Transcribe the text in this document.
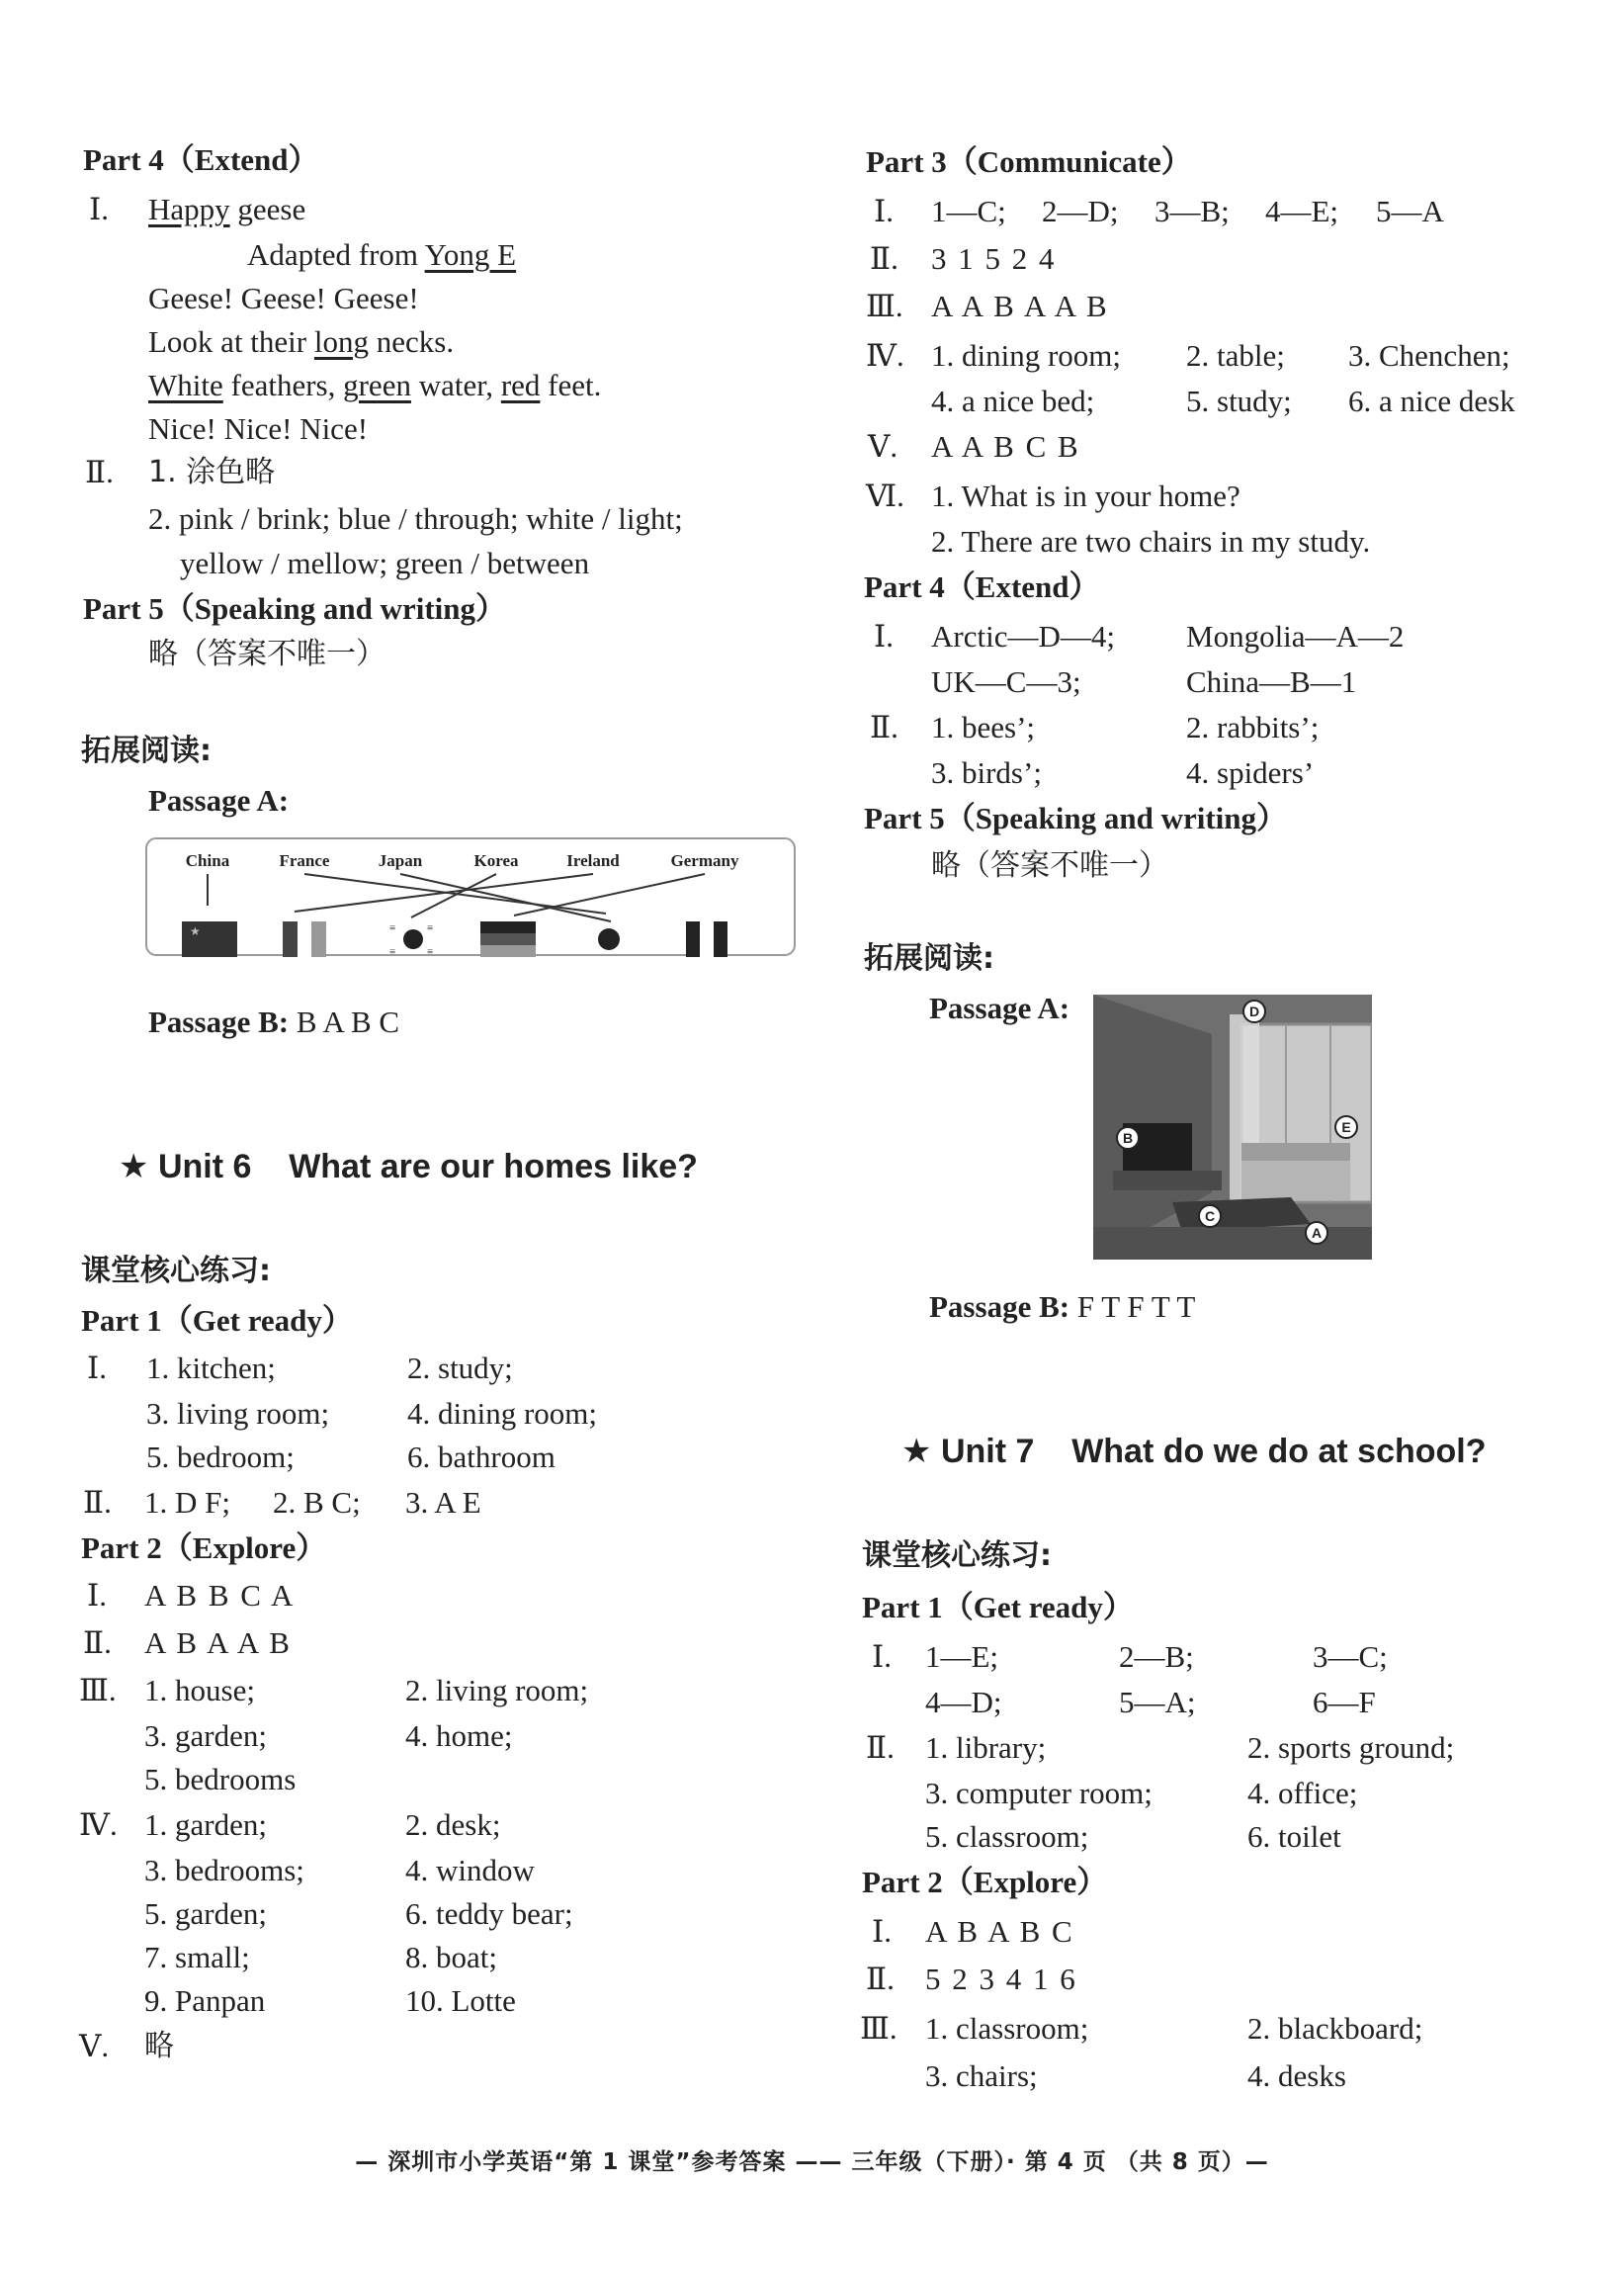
Part 4（Extend）
Ⅰ. Happy geese
Adapted from Yong E
Geese! Geese! Geese!
Look at their long necks.
White feathers, green water, red feet.
Nice! Nice! Nice!
Ⅱ. 1. 涂色略
2. pink / brink; blue / through; white / light;
yellow / mellow; green / between
Part 5（Speaking and writing）
略（答案不唯一）
拓展阅读:
Passage A:
China	France	Japan	Korea	Ireland	Germany
★	≡	≡
≡	≡
Passage B: B A B C
★ Unit 6 What are our homes like?
课堂核心练习:
Part 1（Get ready）
Ⅰ. 1. kitchen;	2. study;
3. living room;	4. dining room;
5. bedroom;	6. bathroom
Ⅱ. 1. D F; 2. B C; 3. A E
Part 2（Explore）
Ⅰ. A B B C A
Ⅱ. A B A A B
Ⅲ. 1. house;	2. living room;
3. garden;	4. home;
5. bedrooms
Ⅳ. 1. garden;	2. desk;
3. bedrooms;	4. window
5. garden;	6. teddy bear;
7. small;	8. boat;
9. Panpan	10. Lotte
Ⅴ. 略
Part 3（Communicate）
Ⅰ. 1—C; 2—D; 3—B; 4—E; 5—A
Ⅱ. 3 1 5 2 4
Ⅲ. A A B A A B
Ⅳ. 1. dining room; 2. table; 3. Chenchen;
4. a nice bed;	5. study; 6. a nice desk
Ⅴ. A A B C B
Ⅵ. 1. What is in your home?
2. There are two chairs in my study.
Part 4（Extend）
Ⅰ. Arctic—D—4; Mongolia—A—2
UK—C—3;	China—B—1
Ⅱ. 1. bees’;	2. rabbits’;
3. birds’;	4. spiders’
Part 5（Speaking and writing）
略（答案不唯一）
拓展阅读:
Passage A:	D
B
E
C
A
Passage B: F T F T T
★ Unit 7 What do we do at school?
课堂核心练习:
Part 1（Get ready）
Ⅰ. 1—E;	2—B;	3—C;
4—D;	5—A;	6—F
Ⅱ. 1. library;	2. sports ground;
3. computer room;	4. office;
5. classroom;	6. toilet
Part 2（Explore）
Ⅰ. A B A B C
Ⅱ. 5 2 3 4 1 6
Ⅲ. 1. classroom;	2. blackboard;
3. chairs;	4. desks
— 深圳市小学英语“第 1 课堂”参考答案 —— 三年级（下册）· 第 4 页 （共 8 页）—
